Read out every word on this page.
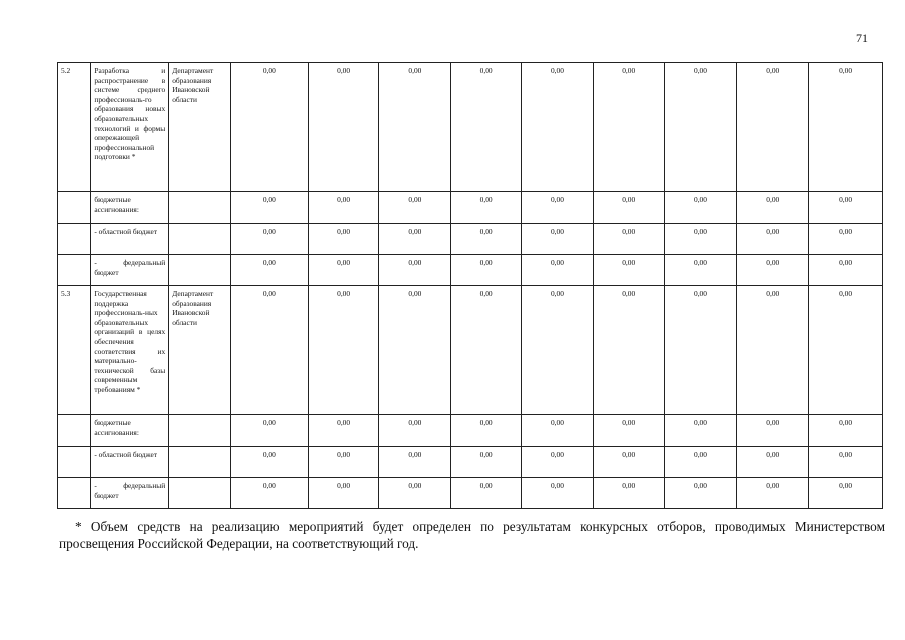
71
5.2	Разработка и распространение в системе среднего профессиональ-го образования новых образовательных технологий и формы опережающей профессиональной подготовки *	Департамент образования Ивановской области	0,00	0,00	0,00	0,00	0,00	0,00	0,00	0,00	0,00
	бюджетные ассигнования:		0,00	0,00	0,00	0,00	0,00	0,00	0,00	0,00	0,00
	- областной бюджет		0,00	0,00	0,00	0,00	0,00	0,00	0,00	0,00	0,00
	- федеральный бюджет		0,00	0,00	0,00	0,00	0,00	0,00	0,00	0,00	0,00
5.3	Государственная поддержка профессиональ-ных образовательных организаций в целях обеспечения соответствия их материально-технической базы современным требованиям *	Департамент образования Ивановской области	0,00	0,00	0,00	0,00	0,00	0,00	0,00	0,00	0,00
	бюджетные ассигнования:		0,00	0,00	0,00	0,00	0,00	0,00	0,00	0,00	0,00
	- областной бюджет		0,00	0,00	0,00	0,00	0,00	0,00	0,00	0,00	0,00
	- федеральный бюджет		0,00	0,00	0,00	0,00	0,00	0,00	0,00	0,00	0,00
* Объем средств на реализацию мероприятий будет определен по результатам конкурсных отборов, проводимых Министерством просвещения Российской Федерации, на соответствующий год.
